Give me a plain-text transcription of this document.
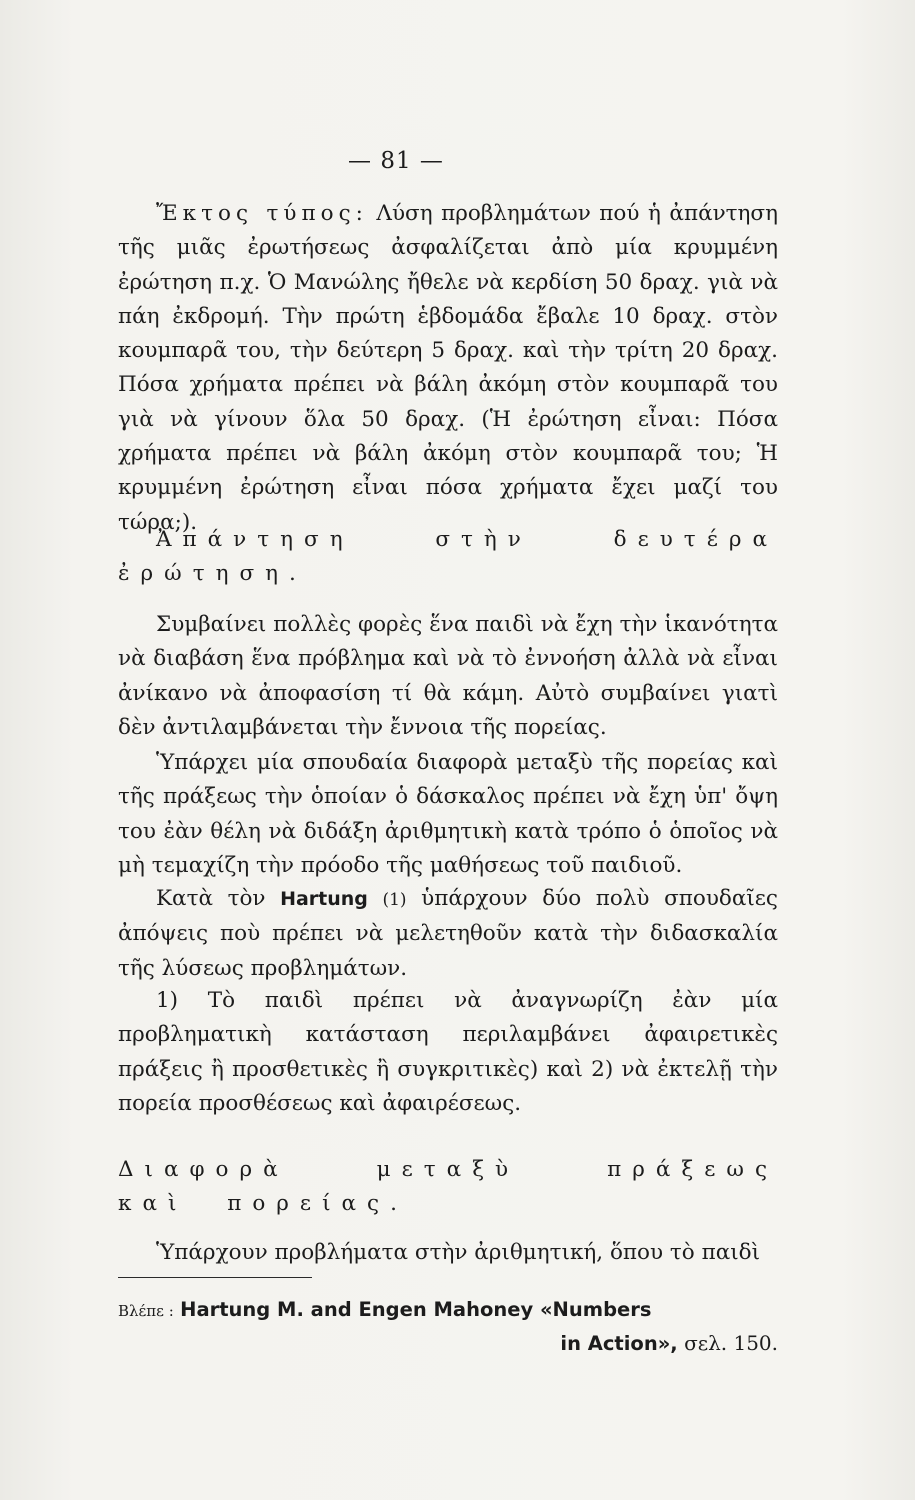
— 81 —

Ἔκτος τύπος: Λύση προβλημάτων πού ἡ ἀπάντηση τῆς μιᾶς ἐρωτήσεως ἀσφαλίζεται ἀπὸ μία κρυμμένη ἐρώτηση π.χ. Ὁ Μανώλης ἤθελε νὰ κερδίση 50 δραχ. γιὰ νὰ πάη ἐκδρομή. Τὴν πρώτη ἑβδομάδα ἔβαλε 10 δραχ. στὸν κουμπαρᾶ του, τὴν δεύτερη 5 δραχ. καὶ τὴν τρίτη 20 δραχ. Πόσα χρήματα πρέπει νὰ βάλη ἀκόμη στὸν κουμπαρᾶ του γιὰ νὰ γίνουν ὅλα 50 δραχ. (Ἡ ἐρώτηση εἶναι: Πόσα χρήματα πρέπει νὰ βάλη ἀκόμη στὸν κουμπαρᾶ του; Ἡ κρυμμένη ἐρώτηση εἶναι πόσα χρήματα ἔχει μαζί του τώρα;).

Ἀπάντηση στὴν δευτέρα ἐρώτηση.

Συμβαίνει πολλὲς φορὲς ἕνα παιδὶ νὰ ἔχη τὴν ἱκανότητα νὰ διαβάση ἕνα πρόβλημα καὶ νὰ τὸ ἐννοήση ἀλλὰ νὰ εἶναι ἀνίκανο νὰ ἀποφασίση τί θὰ κάμη. Αὐτὸ συμβαίνει γιατὶ δὲν ἀντιλαμβάνεται τὴν ἔννοια τῆς πορείας.

Ὑπάρχει μία σπουδαία διαφορὰ μεταξὺ τῆς πορείας καὶ τῆς πράξεως τὴν ὁποίαν ὁ δάσκαλος πρέπει νὰ ἔχη ὑπ' ὄψη του ἐὰν θέλη νὰ διδάξη ἀριθμητικὴ κατὰ τρόπο ὁ ὁποῖος νὰ μὴ τεμαχίζη τὴν πρόοδο τῆς μαθήσεως τοῦ παιδιοῦ.

Κατὰ τὸν Hartung (1) ὑπάρχουν δύο πολὺ σπουδαῖες ἀπόψεις ποὺ πρέπει νὰ μελετηθοῦν κατὰ τὴν διδασκαλία τῆς λύσεως προβλημάτων.

1) Τὸ παιδὶ πρέπει νὰ ἀναγνωρίζη ἐὰν μία προβληματικὴ κατάσταση περιλαμβάνει ἀφαιρετικὲς πράξεις ἢ προσθετικὲς ἢ συγκριτικὲς) καὶ 2) νὰ ἐκτελῇ τὴν πορεία προσθέσεως καὶ ἀφαιρέσεως.

Διαφορὰ μεταξὺ πράξεως καὶ πορείας.

Ὑπάρχουν προβλήματα στὴν ἀριθμητική, ὅπου τὸ παιδὶ

Βλέπε : Hartung M. and Engen Mahoney «Numbers
in Action», σελ. 150.
